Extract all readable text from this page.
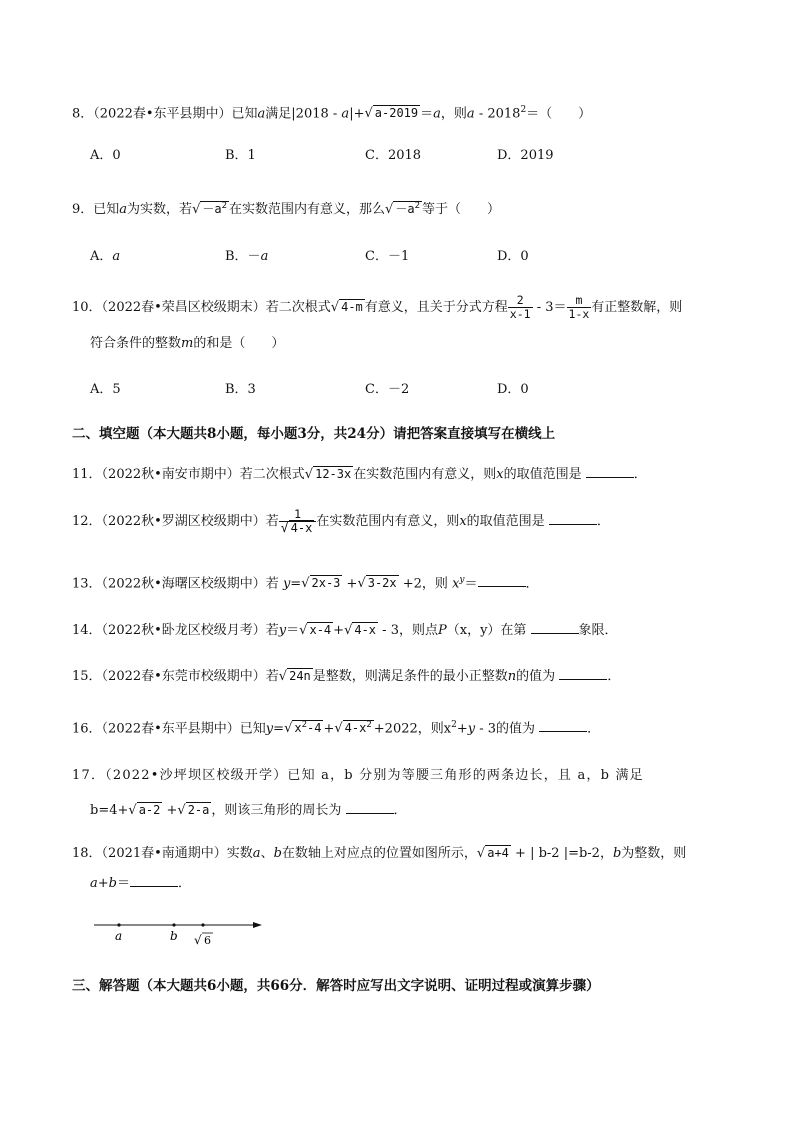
8．（2022春•东平县期中）已知a满足|2018 - a|+√ a-2019 ＝a，则$a - 2018^2=$（　　）
A．0	B．1	C．2018	D．2019
9．已知a为实数，若√ $-a^2$ 在实数范围内有意义，那么√ $-a^2$ 等于（　　）
A．a	B．－a	C．－1	D．0
10．（2022春•荣昌区校级期末）若二次根式√ 4-m 有意义，且关于分式方程 $\frac{2}{x-1} - 3= \frac{m}{1-x}$ 有正整数解，则
符合条件的整数m的和是（　　）
A．5	B．3	C．－2	D．0
二、填空题（本大题共8小题，每小题3分，共24分）请把答案直接填写在横线上
11．（2022秋•南安市期中）若二次根式√ 12-3x 在实数范围内有意义，则x的取值范围是	．
12．（2022秋•罗湖区校级期中）若 $\frac{1}{√ 4-x}$ 在实数范围内有意义，则x的取值范围是	．
13．（2022秋•海曙区校级期中）若 y=√ 2x-3 +√ 3-2x +2，则 $x^y=$	．
14．（2022秋•卧龙区校级月考）若y＝√ x-4 +√ 4-x - 3，则点P（x，y）在第	象限．
15．（2022春•东莞市校级期中）若√ 24n 是整数，则满足条件的最小正整数n的值为	．
16．（2022春•东平县期中）已知y=√ $x^2-4$ +√ $4-x^2 +2022$，则$x^2+y - 3$的值为	．
17．（2022•沙坪坝区校级开学）已知 a，b 分别为等腰三角形的两条边长，且 a，b 满足
b=4+√ a-2 +√ 2-a ，则该三角形的周长为	．
18．（2021春•南通期中）实数a、b在数轴上对应点的位置如图所示，√ a+4 + | b-2 |=b-2，b为整数，则
a+b＝	．
a	b √ 6
三、解答题（本大题共6小题，共66分．解答时应写出文字说明、证明过程或演算步骤）
